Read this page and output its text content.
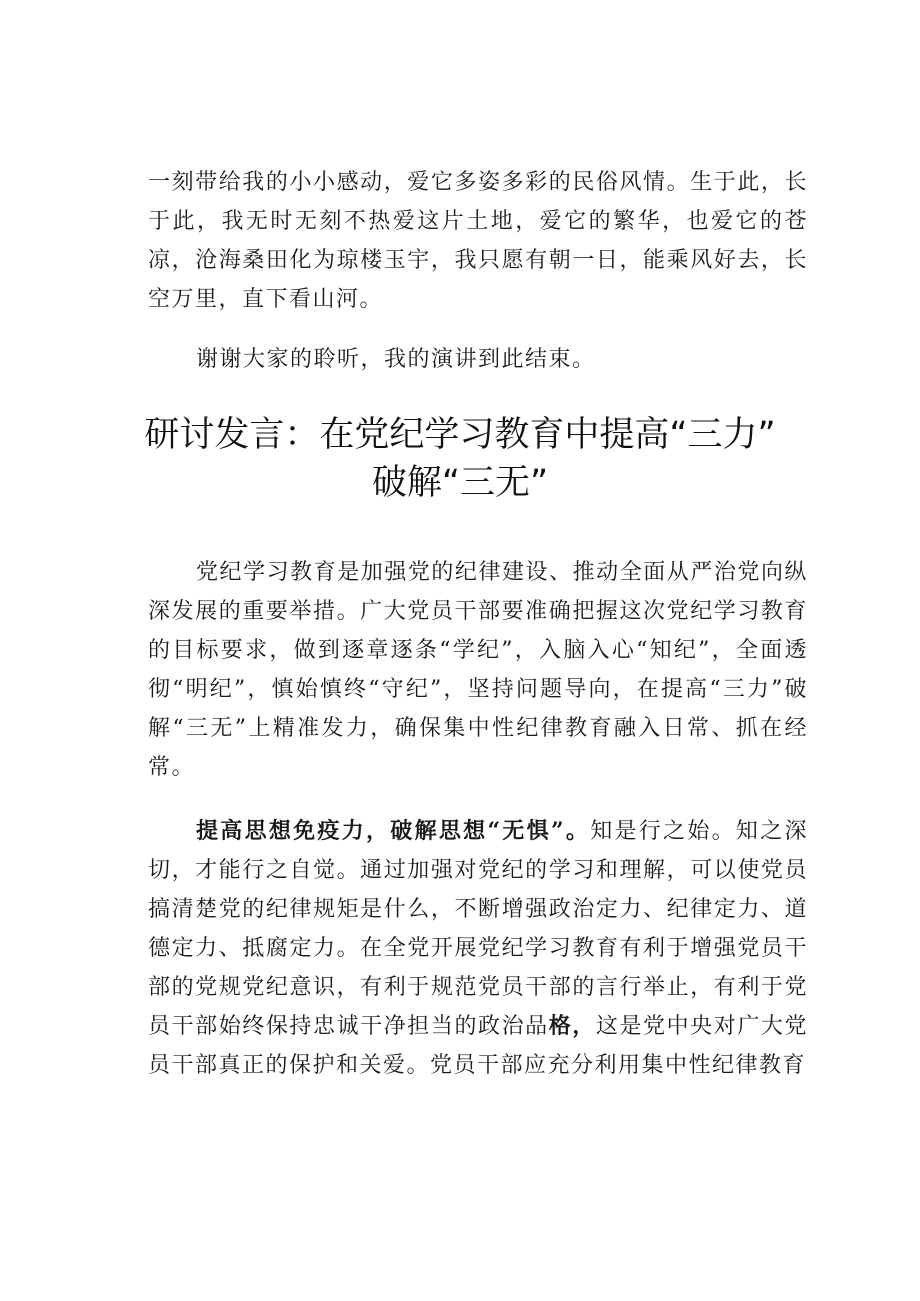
一刻带给我的小小感动，爱它多姿多彩的民俗风情。生于此，长于此，我无时无刻不热爱这片土地，爱它的繁华，也爱它的苍凉，沧海桑田化为琼楼玉宇，我只愿有朝一日，能乘风好去，长空万里，直下看山河。

谢谢大家的聆听，我的演讲到此结束。

研讨发言：在党纪学习教育中提高“三力”
破解“三无”

党纪学习教育是加强党的纪律建设、推动全面从严治党向纵深发展的重要举措。广大党员干部要准确把握这次党纪学习教育的目标要求，做到逐章逐条“学纪”，入脑入心“知纪”，全面透彻“明纪”，慎始慎终“守纪”，坚持问题导向，在提高“三力”破解“三无”上精准发力，确保集中性纪律教育融入日常、抓在经常。

提高思想免疫力，破解思想“无惧”。知是行之始。知之深切，才能行之自觉。通过加强对党纪的学习和理解，可以使党员搞清楚党的纪律规矩是什么，不断增强政治定力、纪律定力、道德定力、抵腐定力。在全党开展党纪学习教育有利于增强党员干部的党规党纪意识，有利于规范党员干部的言行举止，有利于党员干部始终保持忠诚干净担当的政治品格，这是党中央对广大党员干部真正的保护和关爱。党员干部应充分利用集中性纪律教育
